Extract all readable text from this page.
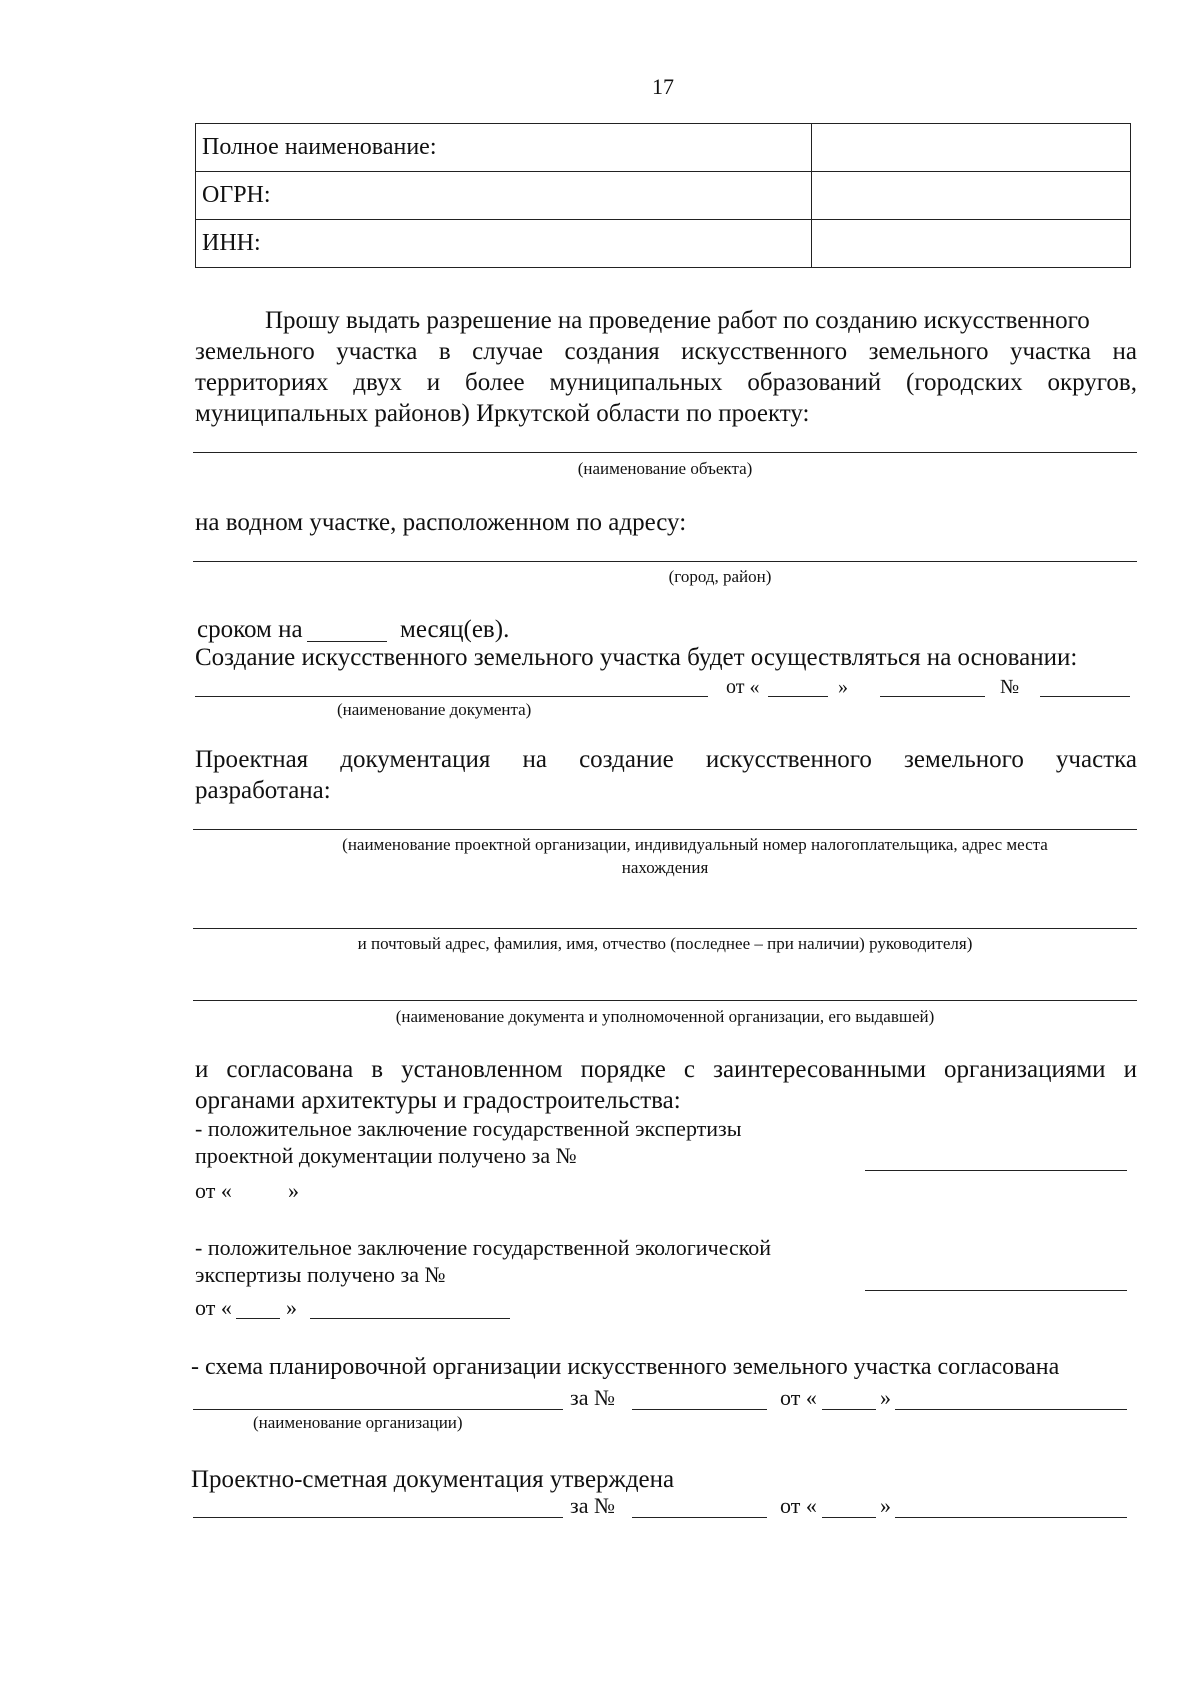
17
Полное наименование:	
ОГРН:	
ИНН:	
Прошу выдать разрешение на проведение работ по созданию искусственного
земельного участка в случае создания искусственного земельного участка на
территориях двух и более муниципальных образований (городских округов,
муниципальных районов) Иркутской области по проекту:
(наименование объекта)
на водном участке, расположенном по адресу:
(город, район)
сроком на	месяц(ев).
Создание искусственного земельного участка будет осуществляться на основании:
от «	»	№
(наименование документа)
Проектная документация на создание искусственного земельного участка
разработана:
(наименование проектной организации, индивидуальный номер налогоплательщика, адрес места
нахождения
и почтовый адрес, фамилия, имя, отчество (последнее – при наличии) руководителя)
(наименование документа и уполномоченной организации, его выдавшей)
и согласована в установленном порядке с заинтересованными организациями и
органами архитектуры и градостроительства:
- положительное заключение государственной экспертизы
проектной документации получено за №
от «	»
- положительное заключение государственной экологической
экспертизы получено за №
от « »
- схема планировочной организации искусственного земельного участка согласована
за №	от «	»
(наименование организации)
Проектно-сметная документация утверждена
за №	от «	»
